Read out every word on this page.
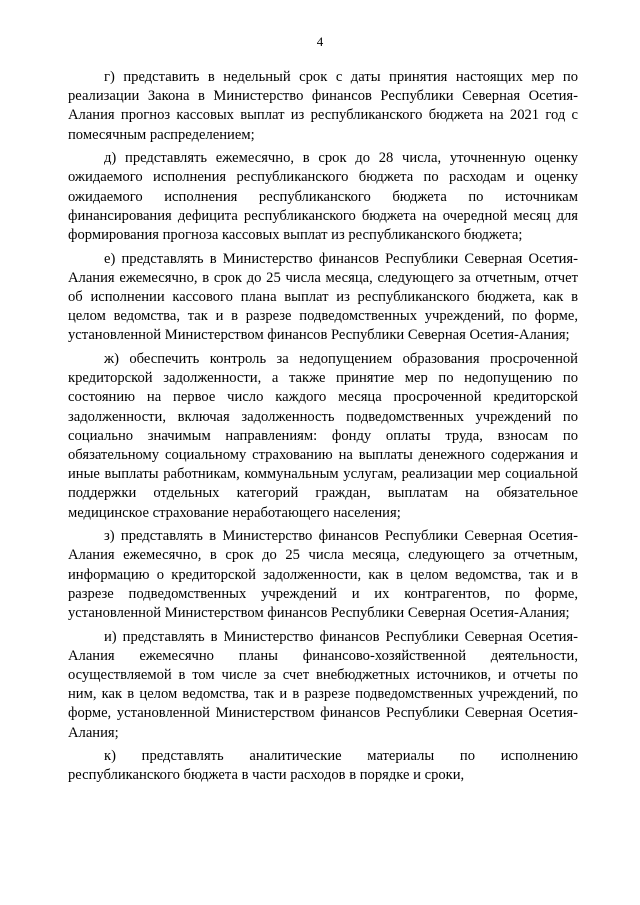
4

г) представить в недельный срок с даты принятия настоящих мер по реализации Закона в Министерство финансов Республики Северная Осетия-Алания прогноз кассовых выплат из республиканского бюджета на 2021 год с помесячным распределением;

д) представлять ежемесячно, в срок до 28 числа, уточненную оценку ожидаемого исполнения республиканского бюджета по расходам и оценку ожидаемого исполнения республиканского бюджета по источникам финансирования дефицита республиканского бюджета на очередной месяц для формирования прогноза кассовых выплат из республиканского бюджета;

е) представлять в Министерство финансов Республики Северная Осетия-Алания ежемесячно, в срок до 25 числа месяца, следующего за отчетным, отчет об исполнении кассового плана выплат из республиканского бюджета, как в целом ведомства, так и в разрезе подведомственных учреждений, по форме, установленной Министерством финансов Республики Северная Осетия-Алания;

ж) обеспечить контроль за недопущением образования просроченной кредиторской задолженности, а также принятие мер по недопущению по состоянию на первое число каждого месяца просроченной кредиторской задолженности, включая задолженность подведомственных учреждений по социально значимым направлениям: фонду оплаты труда, взносам по обязательному социальному страхованию на выплаты денежного содержания и иные выплаты работникам, коммунальным услугам, реализации мер социальной поддержки отдельных категорий граждан, выплатам на обязательное медицинское страхование неработающего населения;

з) представлять в Министерство финансов Республики Северная Осетия-Алания ежемесячно, в срок до 25 числа месяца, следующего за отчетным, информацию о кредиторской задолженности, как в целом ведомства, так и в разрезе подведомственных учреждений и их контрагентов, по форме, установленной Министерством финансов Республики Северная Осетия-Алания;

и) представлять в Министерство финансов Республики Северная Осетия-Алания ежемесячно планы финансово-хозяйственной деятельности, осуществляемой в том числе за счет внебюджетных источников, и отчеты по ним, как в целом ведомства, так и в разрезе подведомственных учреждений, по форме, установленной Министерством финансов Республики Северная Осетия-Алания;

к) представлять аналитические материалы по исполнению республиканского бюджета в части расходов в порядке и сроки,
